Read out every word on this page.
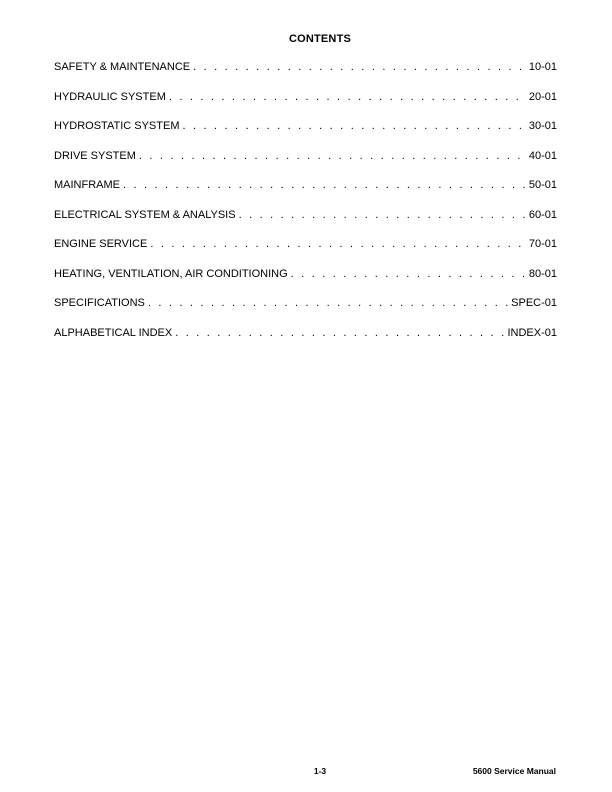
CONTENTS
SAFETY & MAINTENANCE . . .	10-01
HYDRAULIC SYSTEM . . .	20-01
HYDROSTATIC SYSTEM . . .	30-01
DRIVE SYSTEM . . .	40-01
MAINFRAME . . .	50-01
ELECTRICAL SYSTEM & ANALYSIS . . .	60-01
ENGINE SERVICE . . .	70-01
HEATING, VENTILATION, AIR CONDITIONING . . .	80-01
SPECIFICATIONS . . .	SPEC-01
ALPHABETICAL INDEX . . .	INDEX-01
1-3	5600 Service Manual
